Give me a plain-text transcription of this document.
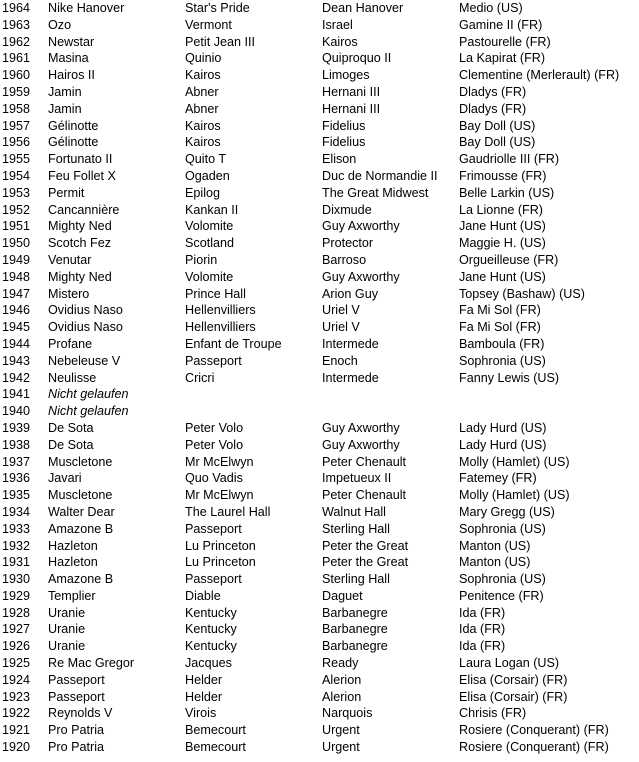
1964	Nike Hanover	Star's Pride	Dean Hanover	Medio (US)
1963	Ozo	Vermont	Israel	Gamine II (FR)
1962	Newstar	Petit Jean III	Kairos	Pastourelle (FR)
1961	Masina	Quinio	Quiproquo II	La Kapirat (FR)
1960	Hairos II	Kairos	Limoges	Clementine (Merlerault) (FR)
1959	Jamin	Abner	Hernani III	Dladys (FR)
1958	Jamin	Abner	Hernani III	Dladys (FR)
1957	Gélinotte	Kairos	Fidelius	Bay Doll (US)
1956	Gélinotte	Kairos	Fidelius	Bay Doll (US)
1955	Fortunato II	Quito T	Elison	Gaudriolle III (FR)
1954	Feu Follet X	Ogaden	Duc de Normandie II	Frimousse (FR)
1953	Permit	Epilog	The Great Midwest	Belle Larkin (US)
1952	Cancannière	Kankan II	Dixmude	La Lionne (FR)
1951	Mighty Ned	Volomite	Guy Axworthy	Jane Hunt (US)
1950	Scotch Fez	Scotland	Protector	Maggie H. (US)
1949	Venutar	Piorin	Barroso	Orgueilleuse (FR)
1948	Mighty Ned	Volomite	Guy Axworthy	Jane Hunt (US)
1947	Mistero	Prince Hall	Arion Guy	Topsey (Bashaw) (US)
1946	Ovidius Naso	Hellenvilliers	Uriel V	Fa Mi Sol (FR)
1945	Ovidius Naso	Hellenvilliers	Uriel V	Fa Mi Sol (FR)
1944	Profane	Enfant de Troupe	Intermede	Bamboula (FR)
1943	Nebeleuse V	Passeport	Enoch	Sophronia (US)
1942	Neulisse	Cricri	Intermede	Fanny Lewis (US)
1941	Nicht gelaufen			
1940	Nicht gelaufen			
1939	De Sota	Peter Volo	Guy Axworthy	Lady Hurd (US)
1938	De Sota	Peter Volo	Guy Axworthy	Lady Hurd (US)
1937	Muscletone	Mr McElwyn	Peter Chenault	Molly (Hamlet) (US)
1936	Javari	Quo Vadis	Impetueux II	Fatemey (FR)
1935	Muscletone	Mr McElwyn	Peter Chenault	Molly (Hamlet) (US)
1934	Walter Dear	The Laurel Hall	Walnut Hall	Mary Gregg (US)
1933	Amazone B	Passeport	Sterling Hall	Sophronia (US)
1932	Hazleton	Lu Princeton	Peter the Great	Manton (US)
1931	Hazleton	Lu Princeton	Peter the Great	Manton (US)
1930	Amazone B	Passeport	Sterling Hall	Sophronia (US)
1929	Templier	Diable	Daguet	Penitence (FR)
1928	Uranie	Kentucky	Barbanegre	Ida (FR)
1927	Uranie	Kentucky	Barbanegre	Ida (FR)
1926	Uranie	Kentucky	Barbanegre	Ida (FR)
1925	Re Mac Gregor	Jacques	Ready	Laura Logan (US)
1924	Passeport	Helder	Alerion	Elisa (Corsair) (FR)
1923	Passeport	Helder	Alerion	Elisa (Corsair) (FR)
1922	Reynolds V	Virois	Narquois	Chrisis (FR)
1921	Pro Patria	Bemecourt	Urgent	Rosiere (Conquerant) (FR)
1920	Pro Patria	Bemecourt	Urgent	Rosiere (Conquerant) (FR)
